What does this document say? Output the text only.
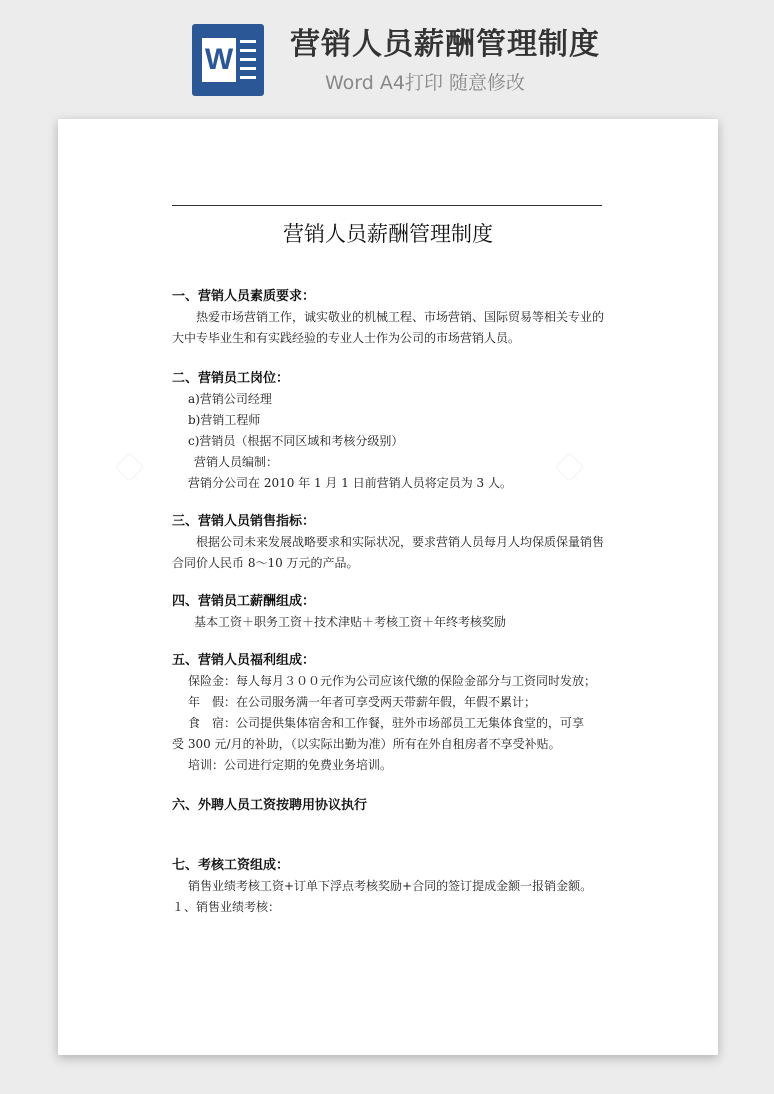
W 营销人员薪酬管理制度
Word A4打印 随意修改
营销人员薪酬管理制度
一、营销人员素质要求：
热爱市场营销工作，诚实敬业的机械工程、市场营销、国际贸易等相关专业的大中专毕业生和有实践经验的专业人士作为公司的市场营销人员。
二、营销员工岗位：
a)营销公司经理
b)营销工程师
c)营销员（根据不同区域和考核分级别）
营销人员编制：
营销分公司在 2010 年 1 月 1 日前营销人员将定员为 3 人。
三、营销人员销售指标：
根据公司未来发展战略要求和实际状况，要求营销人员每月人均保质保量销售合同价人民币 8～10 万元的产品。
四、营销员工薪酬组成：
基本工资＋职务工资＋技术津贴＋考核工资＋年终考核奖励
五、营销人员福利组成：
保险金：每人每月３００元作为公司应该代缴的保险金部分与工资同时发放；
年　假：在公司服务满一年者可享受两天带薪年假，年假不累计；
食　宿：公司提供集体宿舍和工作餐，驻外市场部员工无集体食堂的，可享
受 300 元/月的补助，（以实际出勤为准）所有在外自租房者不享受补贴。
培训：公司进行定期的免费业务培训。
六、外聘人员工资按聘用协议执行
七、考核工资组成：
销售业绩考核工资+订单下浮点考核奖励+合同的签订提成金额一报销金额。
１、销售业绩考核：
